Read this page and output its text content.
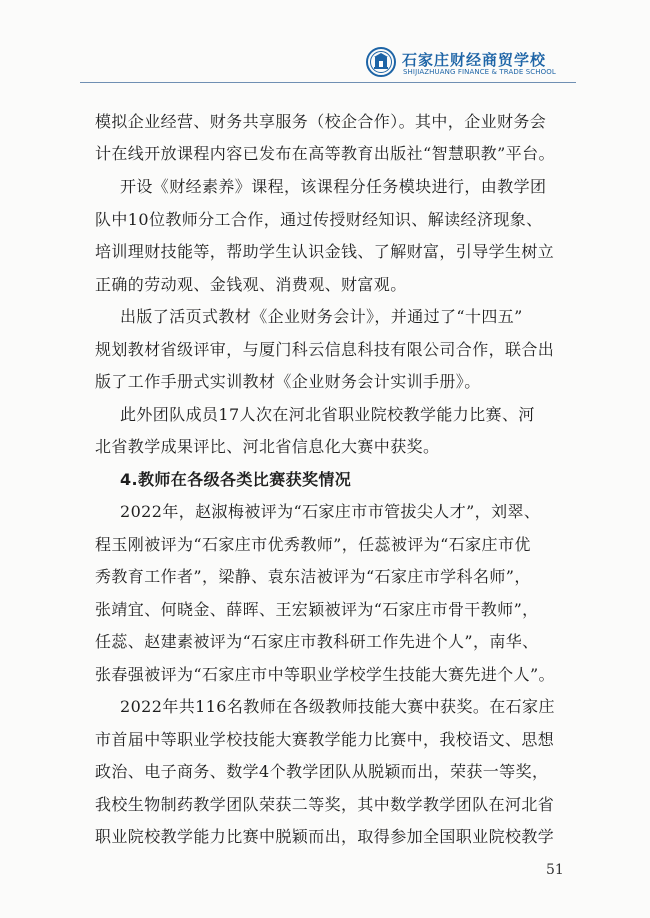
石家庄财经商贸学校
SHIJIAZHUANG FINANCE & TRADE SCHOOL
模拟企业经营、财务共享服务（校企合作）。其中，企业财务会
计在线开放课程内容已发布在高等教育出版社“智慧职教”平台。
开设《财经素养》课程，该课程分任务模块进行，由教学团
队中10位教师分工合作，通过传授财经知识、解读经济现象、
培训理财技能等，帮助学生认识金钱、了解财富，引导学生树立
正确的劳动观、金钱观、消费观、财富观。
出版了活页式教材《企业财务会计》，并通过了“十四五”
规划教材省级评审，与厦门科云信息科技有限公司合作，联合出
版了工作手册式实训教材《企业财务会计实训手册》。
此外团队成员17人次在河北省职业院校教学能力比赛、河
北省教学成果评比、河北省信息化大赛中获奖。
4.教师在各级各类比赛获奖情况
2022年，赵淑梅被评为“石家庄市市管拔尖人才”，刘翠、
程玉刚被评为“石家庄市优秀教师”，任蕊被评为“石家庄市优
秀教育工作者”，梁静、袁东洁被评为“石家庄市学科名师”，
张靖宜、何晓金、薛晖、王宏颖被评为“石家庄市骨干教师”，
任蕊、赵建素被评为“石家庄市教科研工作先进个人”，南华、
张春强被评为“石家庄市中等职业学校学生技能大赛先进个人”。
2022年共116名教师在各级教师技能大赛中获奖。在石家庄
市首届中等职业学校技能大赛教学能力比赛中，我校语文、思想
政治、电子商务、数学4个教学团队从脱颖而出，荣获一等奖，
我校生物制药教学团队荣获二等奖，其中数学教学团队在河北省
职业院校教学能力比赛中脱颖而出，取得参加全国职业院校教学
51
